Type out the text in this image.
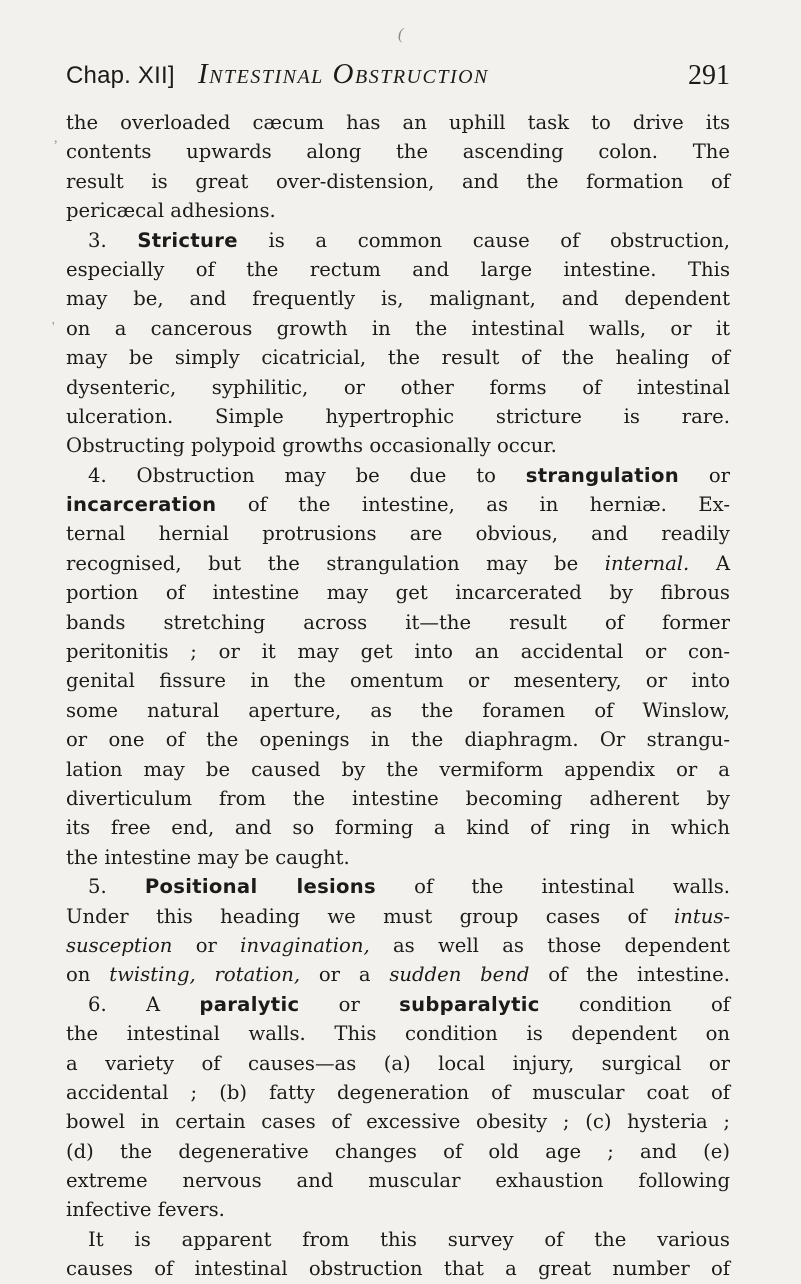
(
Chap. XII] Intestinal Obstruction	291
the overloaded cæcum has an uphill task to drive its
contents upwards along the ascending colon. The
result is great over-distension, and the formation of
pericæcal adhesions.
3. Stricture is a common cause of obstruction,
especially of the rectum and large intestine. This
may be, and frequently is, malignant, and dependent
on a cancerous growth in the intestinal walls, or it
may be simply cicatricial, the result of the healing of
dysenteric, syphilitic, or other forms of intestinal
ulceration. Simple hypertrophic stricture is rare.
Obstructing polypoid growths occasionally occur.
4. Obstruction may be due to strangulation or
incarceration of the intestine, as in herniæ. Ex-
ternal hernial protrusions are obvious, and readily
recognised, but the strangulation may be internal. A
portion of intestine may get incarcerated by fibrous
bands stretching across it—the result of former
peritonitis ; or it may get into an accidental or con-
genital fissure in the omentum or mesentery, or into
some natural aperture, as the foramen of Winslow,
or one of the openings in the diaphragm. Or strangu-
lation may be caused by the vermiform appendix or a
diverticulum from the intestine becoming adherent by
its free end, and so forming a kind of ring in which
the intestine may be caught.
5. Positional lesions of the intestinal walls.
Under this heading we must group cases of intus-
susception or invagination, as well as those dependent
on twisting, rotation, or a sudden bend of the intestine.
6. A paralytic or subparalytic condition of
the intestinal walls. This condition is dependent on
a variety of causes—as (a) local injury, surgical or
accidental ; (b) fatty degeneration of muscular coat of
bowel in certain cases of excessive obesity ; (c) hysteria ;
(d) the degenerative changes of old age ; and (e)
extreme nervous and muscular exhaustion following
infective fevers.
It is apparent from this survey of the various
causes of intestinal obstruction that a great number of
,
'
